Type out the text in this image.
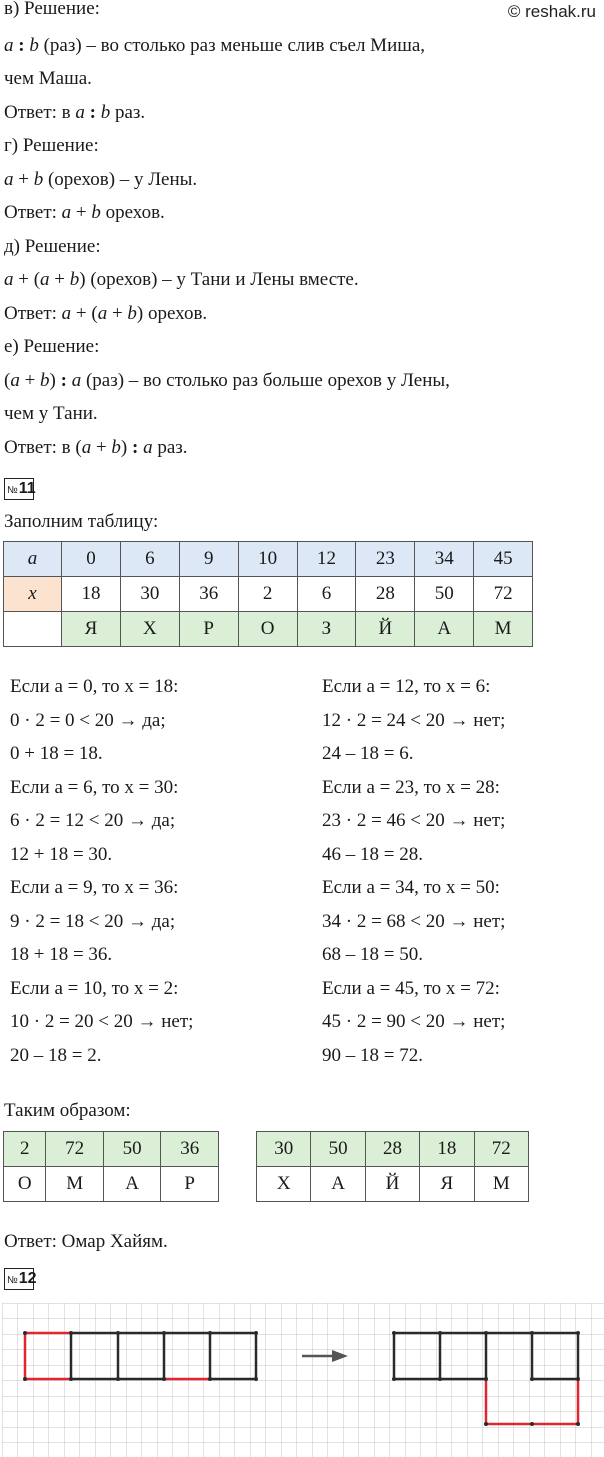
© reshak.ru
в) Решение:
a : b (раз) – во столько раз меньше слив съел Миша,
чем Маша.
Ответ: в a : b раз.
г) Решение:
a + b (орехов) – у Лены.
Ответ: a + b орехов.
д) Решение:
a + (a + b) (орехов) – у Тани и Лены вместе.
Ответ: a + (a + b) орехов.
е) Решение:
(a + b) : a (раз) – во столько раз больше орехов у Лены,
чем у Тани.
Ответ: в (a + b) : a раз.
№11
Заполним таблицу:
a	0	6	9	10	12	23	34	45
x	18	30	36	2	6	28	50	72
	Я	Х	Р	О	З	Й	А	М
Если a = 0, то x = 18:
0 · 2 = 0 < 20 → да;
0 + 18 = 18.
Если a = 6, то x = 30:
6 · 2 = 12 < 20 → да;
12 + 18 = 30.
Если a = 9, то x = 36:
9 · 2 = 18 < 20 → да;
18 + 18 = 36.
Если a = 10, то x = 2:
10 · 2 = 20 < 20 → нет;
20 – 18 = 2.
Если a = 12, то x = 6:
12 · 2 = 24 < 20 → нет;
24 – 18 = 6.
Если a = 23, то x = 28:
23 · 2 = 46 < 20 → нет;
46 – 18 = 28.
Если a = 34, то x = 50:
34 · 2 = 68 < 20 → нет;
68 – 18 = 50.
Если a = 45, то x = 72:
45 · 2 = 90 < 20 → нет;
90 – 18 = 72.
Таким образом:
2	72	50	36
О	М	А	Р
30	50	28	18	72
Х	А	Й	Я	М
Ответ: Омар Хайям.
№12
